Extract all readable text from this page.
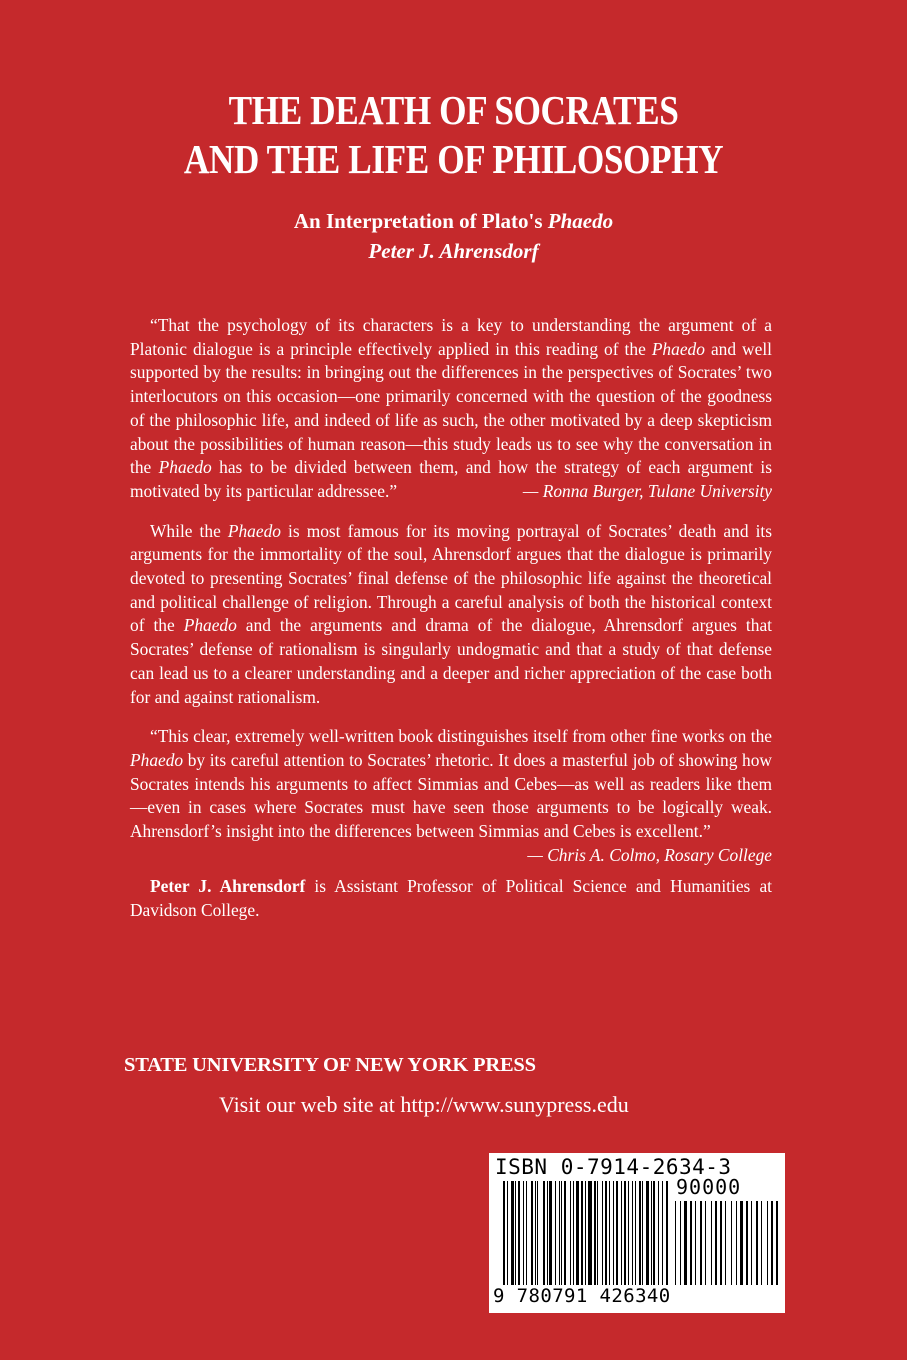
THE DEATH OF SOCRATES
AND THE LIFE OF PHILOSOPHY
An Interpretation of Plato's Phaedo
Peter J. Ahrensdorf

“That the psychology of its characters is a key to understanding the argument of a Platonic dialogue is a principle effectively applied in this reading of the Phaedo and well supported by the results: in bringing out the differences in the perspectives of Socrates’ two interlocutors on this occasion—one primarily concerned with the question of the goodness of the philosophic life, and indeed of life as such, the other motivated by a deep skepticism about the possibilities of human reason—this study leads us to see why the conversation in the Phaedo has to be divided between them, and how the strategy of each argument is motivated by its particular addressee.”	— Ronna Burger, Tulane University

While the Phaedo is most famous for its moving portrayal of Socrates’ death and its arguments for the immortality of the soul, Ahrensdorf argues that the dialogue is primarily devoted to presenting Socrates’ final defense of the philosophic life against the theoretical and political challenge of religion. Through a careful analysis of both the historical context of the Phaedo and the arguments and drama of the dialogue, Ahrensdorf argues that Socrates’ defense of rationalism is singularly undogmatic and that a study of that defense can lead us to a clearer understanding and a deeper and richer appreciation of the case both for and against rationalism.

“This clear, extremely well-written book distinguishes itself from other fine works on the Phaedo by its careful attention to Socrates’ rhetoric. It does a masterful job of showing how Socrates intends his arguments to affect Simmias and Cebes—as well as readers like them—even in cases where Socrates must have seen those arguments to be logically weak. Ahrensdorf’s insight into the differences between Simmias and Cebes is excellent.”
— Chris A. Colmo, Rosary College

Peter J. Ahrensdorf is Assistant Professor of Political Science and Humanities at Davidson College.

STATE UNIVERSITY OF NEW YORK PRESS
Visit our web site at http://www.sunypress.edu
ISBN 0-7914-2634-3
90000
9 780791 426340
